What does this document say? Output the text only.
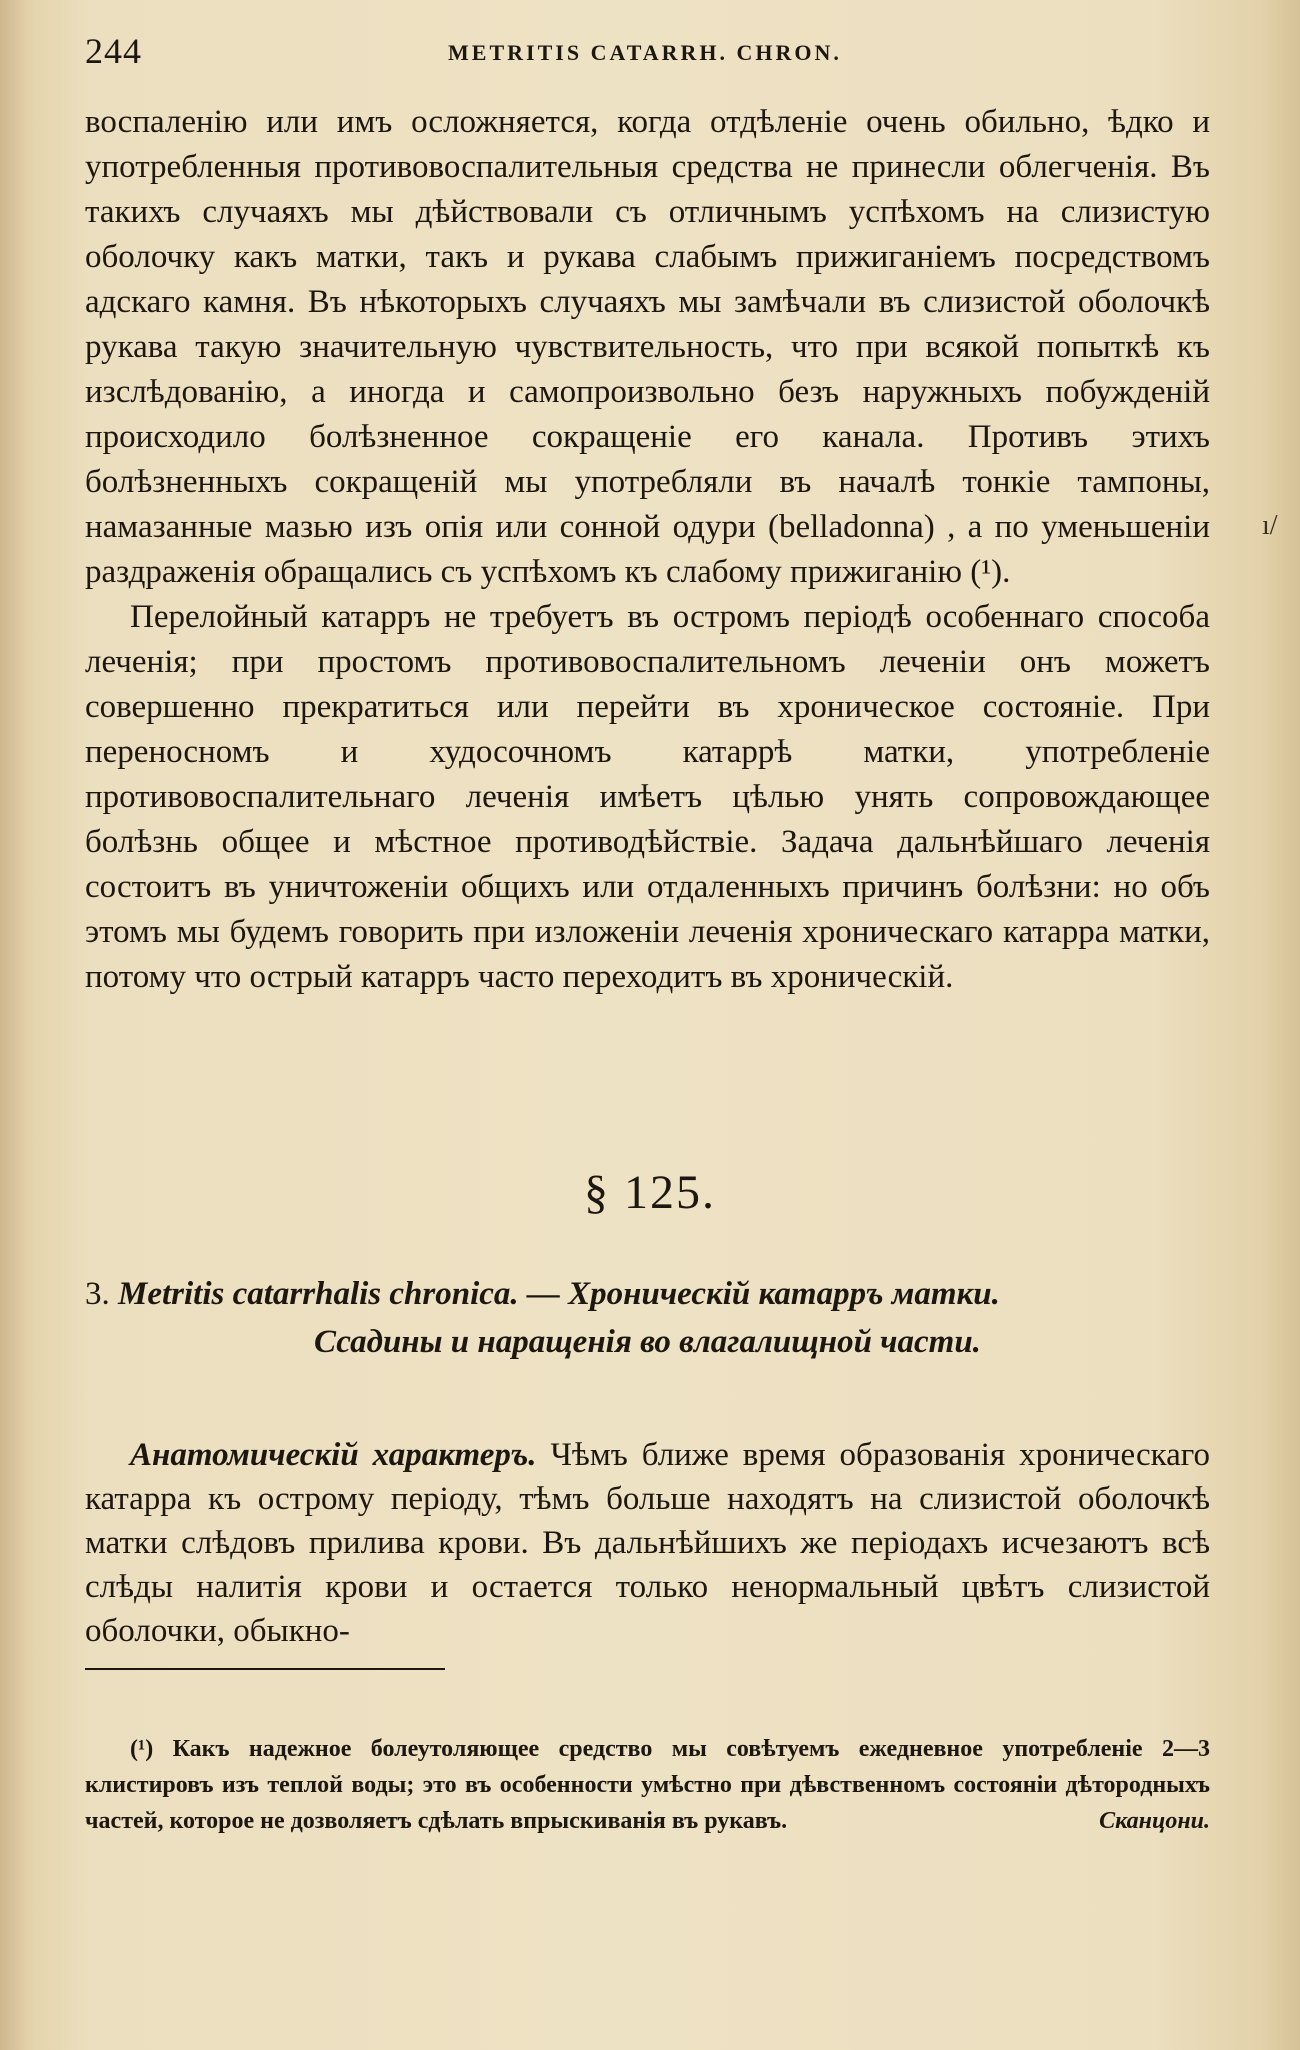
244	METRITIS CATARRH. CHRON.

воспаленію или имъ осложняется, когда отдѣленіе очень обильно, ѣдко и употребленныя противовоспалительныя средства не принесли облегченія. Въ такихъ случаяхъ мы дѣйствовали съ отличнымъ успѣхомъ на слизистую оболочку какъ матки, такъ и рукава слабымъ прижиганіемъ посредствомъ адскаго камня. Въ нѣкоторыхъ случаяхъ мы замѣчали въ слизистой оболочкѣ рукава такую значительную чувствительность, что при всякой попыткѣ къ изслѣдованію, а иногда и самопроизвольно безъ наружныхъ побужденій происходило болѣзненное сокращеніе его канала. Противъ этихъ болѣзненныхъ сокращеній мы употребляли въ началѣ тонкіе тампоны, намазанные мазью изъ опія или сонной одури (belladonna) , а по уменьшеніи раздраженія обращались съ успѣхомъ къ слабому прижиганію (¹).

Перелойный катарръ не требуетъ въ остромъ періодѣ особеннаго способа леченія; при простомъ противовоспалительномъ леченіи онъ можетъ совершенно прекратиться или перейти въ хроническое состояніе. При переносномъ и худосочномъ катаррѣ матки, употребленіе противовоспалительнаго леченія имѣетъ цѣлью унять сопровождающее болѣзнь общее и мѣстное противодѣйствіе. Задача дальнѣйшаго леченія состоитъ въ уничтоженіи общихъ или отдаленныхъ причинъ болѣзни: но объ этомъ мы будемъ говорить при изложеніи леченія хроническаго катарра матки, потому что острый катарръ часто переходитъ въ хроническій.

ı/
§ 125.
3. Metritis catarrhalis chronica. — Хроническій катарръ матки.
Ссадины и наращенія во влагалищной части.

Анатомическій характеръ. Чѣмъ ближе время образованія хроническаго катарра къ острому періоду, тѣмъ больше находятъ на слизистой оболочкѣ матки слѣдовъ прилива крови. Въ дальнѣйшихъ же періодахъ исчезаютъ всѣ слѣды налитія крови и остается только ненормальный цвѣтъ слизистой оболочки, обыкно-

(¹) Какъ надежное болеутоляющее средство мы совѣтуемъ ежедневное употребленіе 2—3 клистировъ изъ теплой воды; это въ особенности умѣстно при дѣвственномъ состояніи дѣтородныхъ частей, которое не дозволяетъ сдѣлать впрыскиванія въ рукавъ.	Сканцони.
